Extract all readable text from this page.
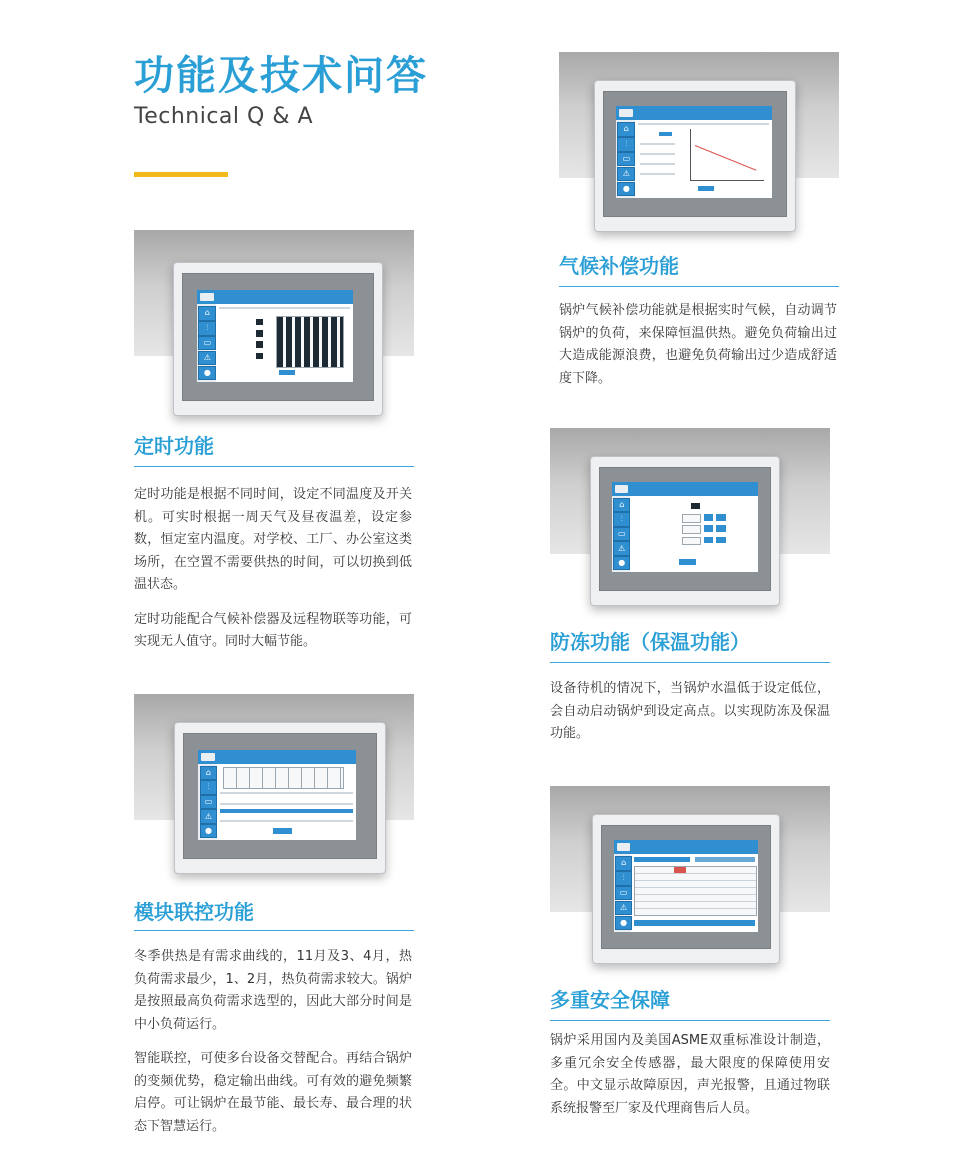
功能及技术问答
Technical Q & A
⌂
⫶
▭
⚠
●
定时功能

定时功能是根据不同时间，设定不同温度及开关机。可实时根据一周天气及昼夜温差，设定参数，恒定室内温度。对学校、工厂、办公室这类场所，在空置不需要供热的时间，可以切换到低温状态。

定时功能配合气候补偿器及远程物联等功能，可实现无人值守。同时大幅节能。

⌂
⫶
▭
⚠
●
模块联控功能

冬季供热是有需求曲线的，11月及3、4月，热负荷需求最少，1、2月，热负荷需求较大。锅炉是按照最高负荷需求选型的，因此大部分时间是中小负荷运行。

智能联控，可使多台设备交替配合。再结合锅炉的变频优势，稳定输出曲线。可有效的避免频繁启停。可让锅炉在最节能、最长寿、最合理的状态下智慧运行。

⌂
⫶
▭
⚠
●
气候补偿功能

锅炉气候补偿功能就是根据实时气候，自动调节锅炉的负荷，来保障恒温供热。避免负荷输出过大造成能源浪费，也避免负荷输出过少造成舒适度下降。

⌂
⫶
▭
⚠
●
防冻功能（保温功能）

设备待机的情况下，当锅炉水温低于设定低位，会自动启动锅炉到设定高点。以实现防冻及保温功能。

⌂
⫶
▭
⚠
●
多重安全保障

锅炉采用国内及美国ASME双重标准设计制造，多重冗余安全传感器，最大限度的保障使用安全。中文显示故障原因，声光报警，且通过物联系统报警至厂家及代理商售后人员。
